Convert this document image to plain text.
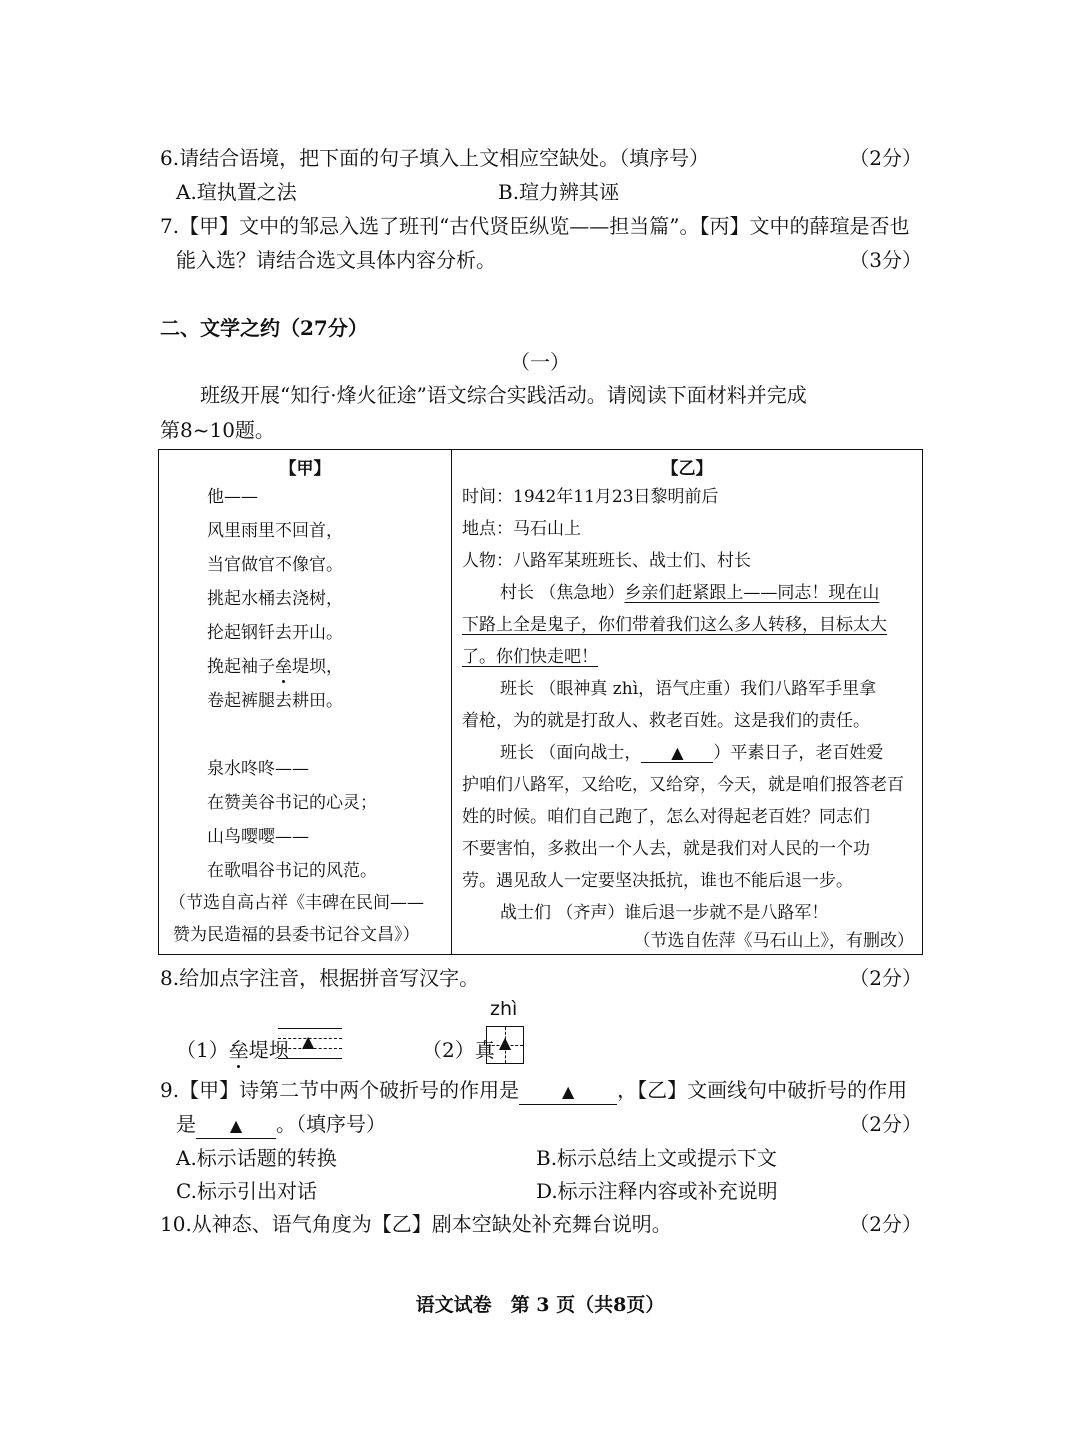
6.请结合语境，把下面的句子填入上文相应空缺处。（填序号）	（2分）
A.瑄执置之法	B.瑄力辨其诬
7.【甲】文中的邹忌入选了班刊“古代贤臣纵览——担当篇”。【丙】文中的薛瑄是否也
能入选？请结合选文具体内容分析。	（3分）
二、文学之约（27分）
（一）
班级开展“知行·烽火征途”语文综合实践活动。请阅读下面材料并完成
第8~10题。
【甲】
他——
风里雨里不回首，
当官做官不像官。
挑起水桶去浇树，
抡起钢钎去开山。
挽起袖子垒堤坝，
卷起裤腿去耕田。
泉水咚咚——
在赞美谷书记的心灵；
山鸟嘤嘤——
在歌唱谷书记的风范。
（节选自高占祥《丰碑在民间——
赞为民造福的县委书记谷文昌》）
【乙】
时间：1942年11月23日黎明前后
地点：马石山上
人物：八路军某班班长、战士们、村长
村长 （焦急地）乡亲们赶紧跟上——同志！现在山
下路上全是鬼子，你们带着我们这么多人转移，目标太大
了。你们快走吧！
班长 （眼神真 zhì，语气庄重）我们八路军手里拿
着枪，为的就是打敌人、救老百姓。这是我们的责任。
班长 （面向战士， ▲ ）平素日子，老百姓爱
护咱们八路军，又给吃，又给穿，今天，就是咱们报答老百
姓的时候。咱们自己跑了，怎么对得起老百姓？同志们
不要害怕，多救出一个人去，就是我们对人民的一个功
劳。遇见敌人一定要坚决抵抗，谁也不能后退一步。
战士们 （齐声）谁后退一步就不是八路军！
（节选自佐萍《马石山上》，有删改）
8.给加点字注音，根据拼音写汉字。	（2分）
zhì
（1）垒堤坝 ▲	（2）真 ▲
9.【甲】诗第二节中两个破折号的作用是	▲ ，【乙】文画线句中破折号的作用
是 ▲ 。（填序号）	（2分）
A.标示话题的转换	B.标示总结上文或提示下文
C.标示引出对话	D.标示注释内容或补充说明
10.从神态、语气角度为【乙】剧本空缺处补充舞台说明。	（2分）
语文试卷　第 3 页（共8页）
